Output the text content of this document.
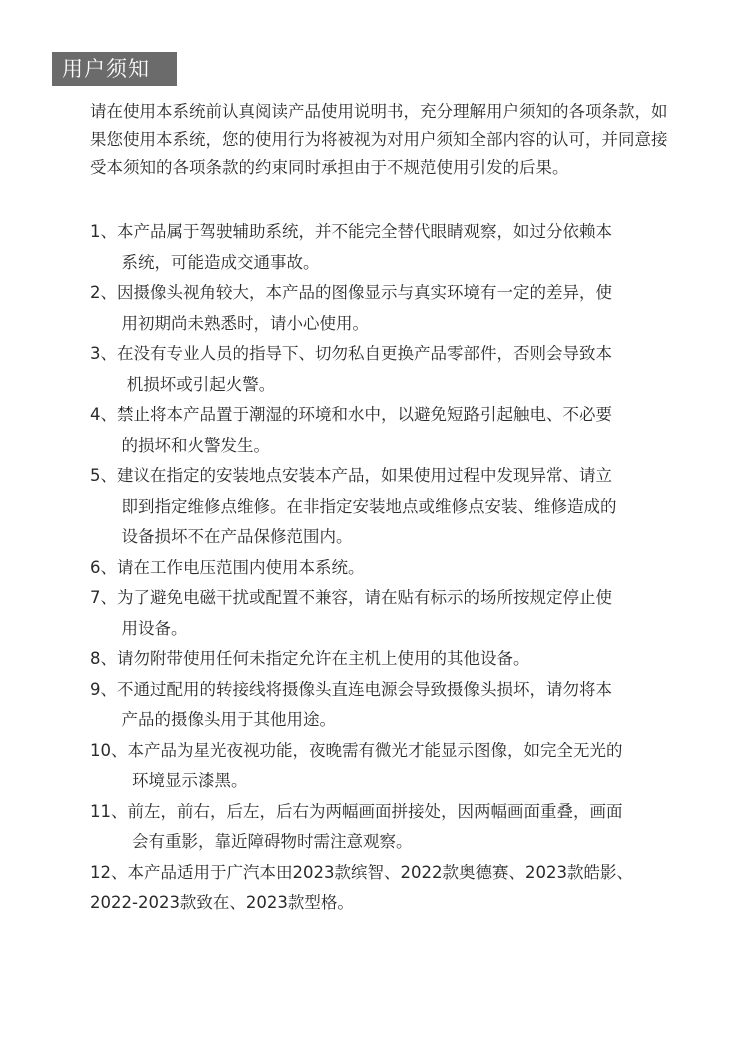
用户须知

请在使用本系统前认真阅读产品使用说明书，充分理解用户须知的各项条款，如果您使用本系统，您的使用行为将被视为对用户须知全部内容的认可，并同意接受本须知的各项条款的约束同时承担由于不规范使用引发的后果。

1、本产品属于驾驶辅助系统，并不能完全替代眼睛观察，如过分依赖本
系统，可能造成交通事故。
2、因摄像头视角较大，本产品的图像显示与真实环境有一定的差异，使
用初期尚未熟悉时，请小心使用。
3、在没有专业人员的指导下、切勿私自更换产品零部件，否则会导致本
机损坏或引起火警。
4、禁止将本产品置于潮湿的环境和水中，以避免短路引起触电、不必要
的损坏和火警发生。
5、建议在指定的安装地点安装本产品，如果使用过程中发现异常、请立
即到指定维修点维修。在非指定安装地点或维修点安装、维修造成的
设备损坏不在产品保修范围内。
6、请在工作电压范围内使用本系统。
7、为了避免电磁干扰或配置不兼容，请在贴有标示的场所按规定停止使
用设备。
8、请勿附带使用任何未指定允许在主机上使用的其他设备。
9、不通过配用的转接线将摄像头直连电源会导致摄像头损坏，请勿将本
产品的摄像头用于其他用途。
10、本产品为星光夜视功能，夜晚需有微光才能显示图像，如完全无光的
环境显示漆黑。
11、前左，前右，后左，后右为两幅画面拼接处，因两幅画面重叠，画面
会有重影，靠近障碍物时需注意观察。
12、本产品适用于广汽本田2023款缤智、2022款奥德赛、2023款皓影、
2022-2023款致在、2023款型格。
